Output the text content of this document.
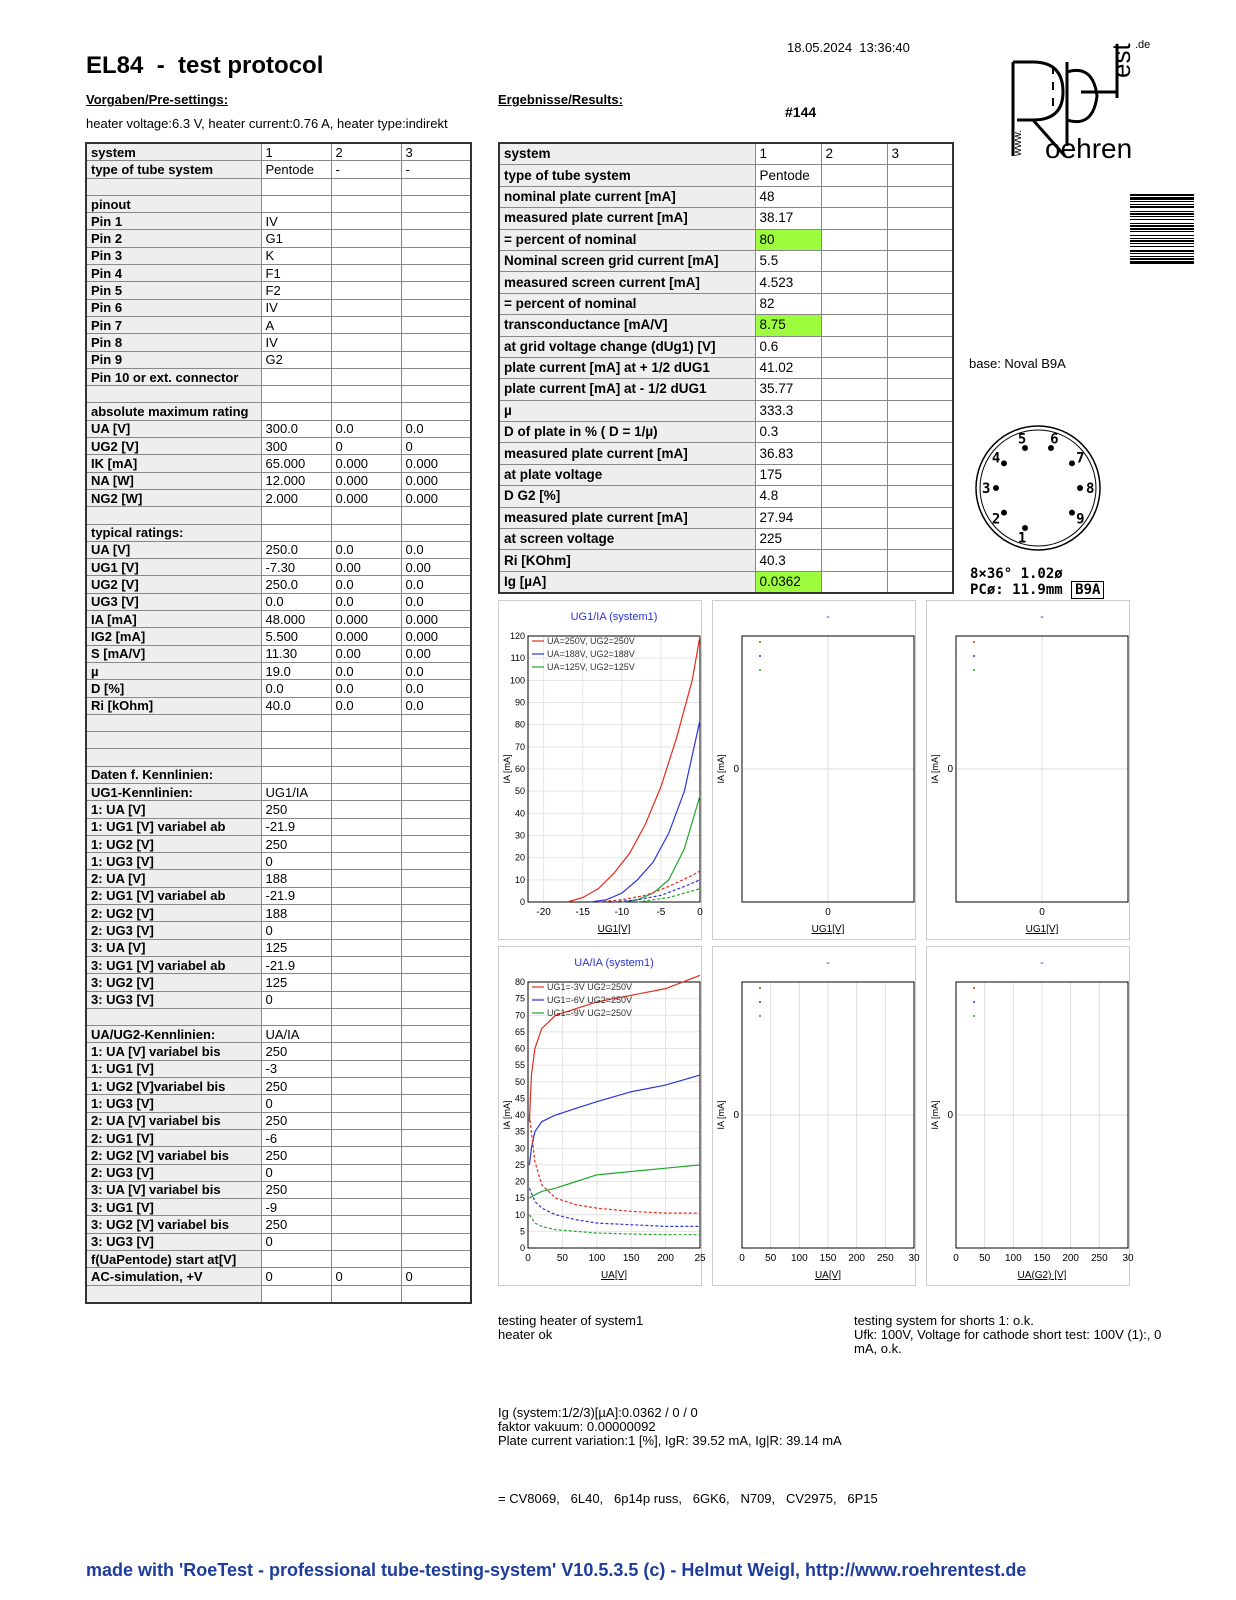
EL84  -  test protocol
18.05.2024  13:36:40	est .de
www. oehren
Vorgaben/Pre-settings:
heater voltage:6.3 V, heater current:0.76 A, heater type:indirekt
Ergebnisse/Results:
#144
system	1	2	3
type of tube system	Pentode	-	-

pinout			
Pin 1	IV		
Pin 2	G1		
Pin 3	K		
Pin 4	F1		
Pin 5	F2		
Pin 6	IV		
Pin 7	A		
Pin 8	IV		
Pin 9	G2		
Pin 10 or ext. connector			

absolute maximum rating			
UA [V]	300.0	0.0	0.0
UG2 [V]	300	0	0
IK [mA]	65.000	0.000	0.000
NA [W]	12.000	0.000	0.000
NG2 [W]	2.000	0.000	0.000

typical ratings:			
UA [V]	250.0	0.0	0.0
UG1 [V]	-7.30	0.00	0.00
UG2 [V]	250.0	0.0	0.0
UG3 [V]	0.0	0.0	0.0
IA [mA]	48.000	0.000	0.000
IG2 [mA]	5.500	0.000	0.000
S [mA/V]	11.30	0.00	0.00
µ	19.0	0.0	0.0
D [%]	0.0	0.0	0.0
Ri [kOhm]	40.0	0.0	0.0

Daten f. Kennlinien:			
UG1-Kennlinien:	UG1/IA		
1: UA [V]	250		
1: UG1 [V] variabel ab	-21.9		
1: UG2 [V]	250		
1: UG3 [V]	0		
2: UA [V]	188		
2: UG1 [V] variabel ab	-21.9		
2: UG2 [V]	188		
2: UG3 [V]	0		
3: UA [V]	125		
3: UG1 [V] variabel ab	-21.9		
3: UG2 [V]	125		
3: UG3 [V]	0		

UA/UG2-Kennlinien:	UA/IA		
1: UA [V] variabel bis	250		
1: UG1 [V]	-3		
1: UG2 [V]variabel bis	250		
1: UG3 [V]	0		
2: UA [V] variabel bis	250		
2: UG1 [V]	-6		
2: UG2 [V] variabel bis	250		
2: UG3 [V]	0		
3: UA [V] variabel bis	250		
3: UG1 [V]	-9		
3: UG2 [V] variabel bis	250		
3: UG3 [V]	0		
f(UaPentode) start at[V]			
AC-simulation, +V	0	0	0

system	1	2	3
type of tube system	Pentode		
nominal plate current [mA]	48		
measured plate current [mA]	38.17		
= percent of nominal	80		
Nominal screen grid current [mA]	5.5		
measured screen current [mA]	4.523		
= percent of nominal	82		
transconductance [mA/V]	8.75		
at grid voltage change (dUg1) [V]	0.6		
plate current [mA] at + 1/2 dUG1	41.02		
plate current [mA] at - 1/2 dUG1	35.77		
µ	333.3		
D of plate in % ( D = 1/µ)	0.3		
measured plate current [mA]	36.83		
at plate voltage	175		
D G2 [%]	4.8		
measured plate current [mA]	27.94		
at screen voltage	225		
Ri [KOhm]	40.3		
Ig [µA]	0.0362		
base: Noval B9A
1
2
3
4
5 6
7
8
9
8×36° 1.02ø
PCø: 11.9mm B9A
UG1/IA (system1)
IA [mA]
UG1[V]
0
10
20
30
40
50
60
70
80
90
100
110
120
-20 -15 -10	-5	0
UA=250V, UG2=250V
UA=188V, UG2=188V
UA=125V, UG2=125V
-
IA [mA]
UG1[V]
0
0
-
IA [mA]
UG1[V]
0
0
UA/IA (system1)
IA [mA]
UA[V]
0
5
10
15
20
25
30
35
40
45
50
55
60
65
70
75
80
0	50 100 150 200 25
UG1=-3V UG2=250V
UG1=-6V UG2=250V
UG1=-9V UG2=250V
-
IA [mA]
UA[V]
0 50 100 150 200 250 30
0
-
IA [mA]
UA(G2) [V]
0 50 100 150 200 250 30
0
testing heater of system1
heater ok
testing system for shorts 1: o.k.
Ufk: 100V, Voltage for cathode short test: 100V (1):, 0
mA, o.k.
Ig (system:1/2/3)[µA]:0.0362 / 0 / 0
faktor vakuum: 0.00000092
Plate current variation:1 [%], IgR: 39.52 mA, Ig|R: 39.14 mA
= CV8069,   6L40,   6p14p russ,   6GK6,   N709,   CV2975,   6P15
made with 'RoeTest - professional tube-testing-system' V10.5.3.5 (c) - Helmut Weigl, http://www.roehrentest.de
